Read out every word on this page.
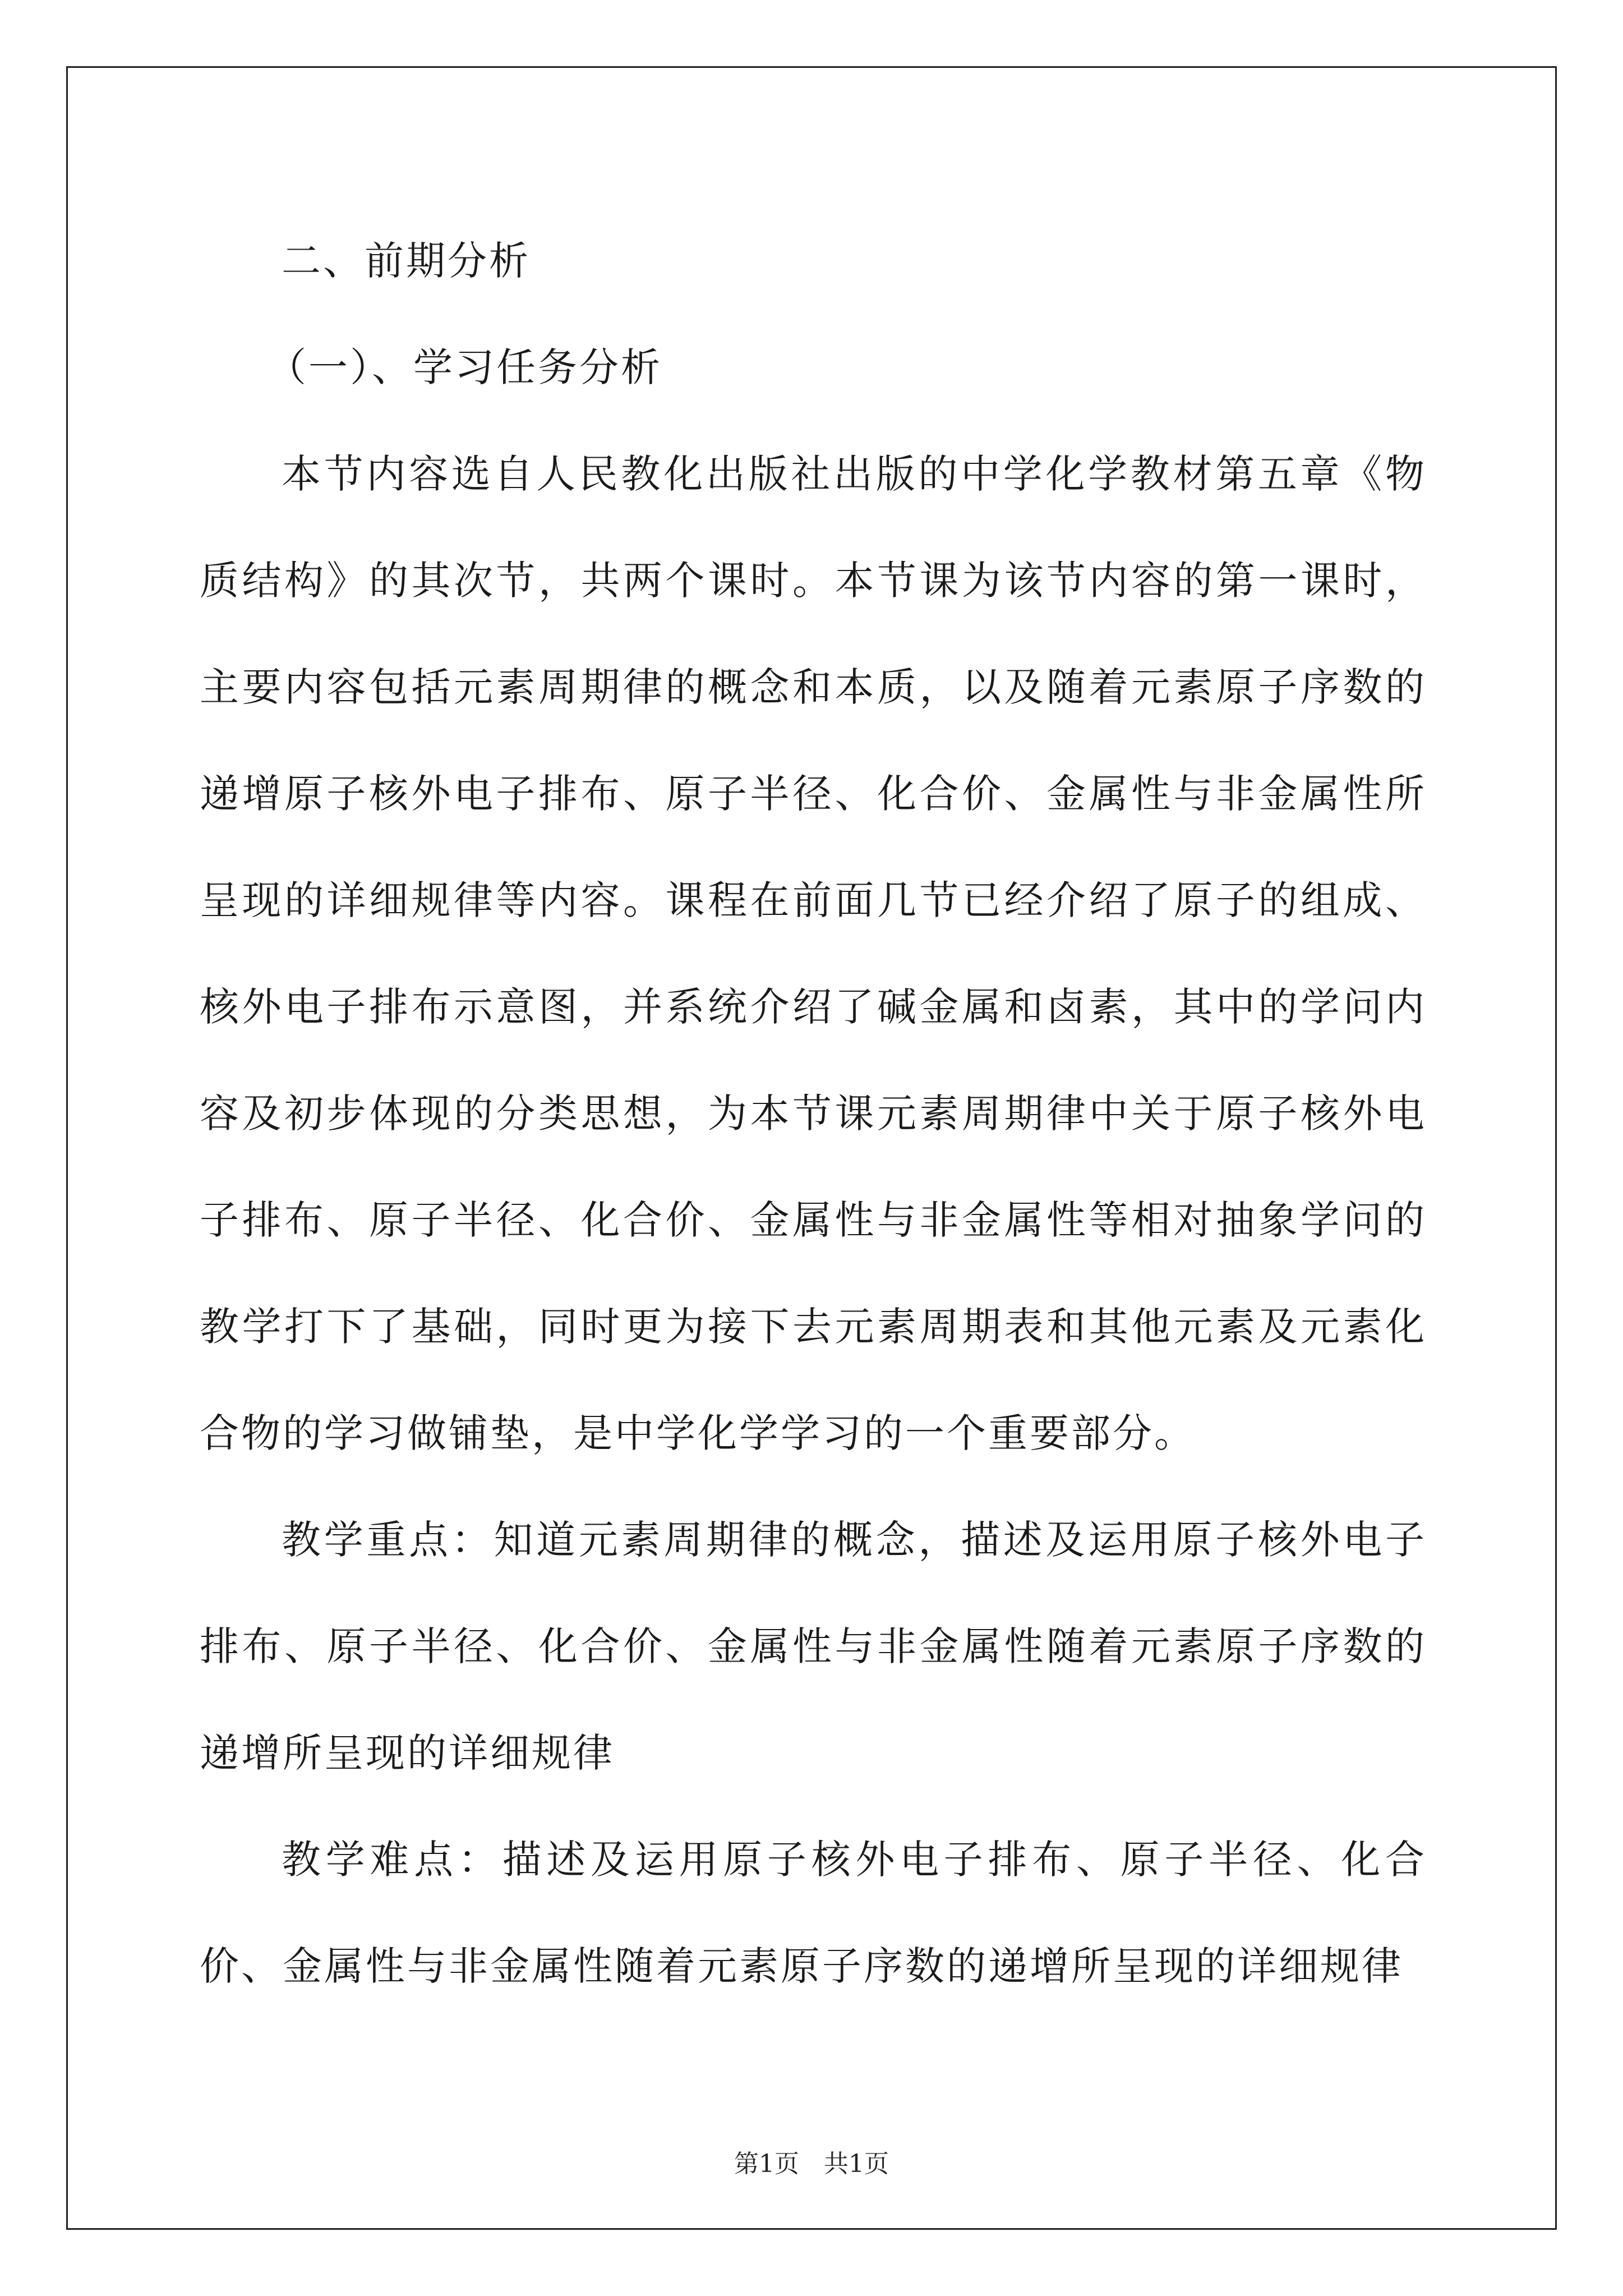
二、前期分析
（一）、学习任务分析

本节内容选自人民教化出版社出版的中学化学教材第五章《物质结构》的其次节，共两个课时。本节课为该节内容的第一课时，主要内容包括元素周期律的概念和本质，以及随着元素原子序数的递增原子核外电子排布、原子半径、化合价、金属性与非金属性所呈现的详细规律等内容。课程在前面几节已经介绍了原子的组成、核外电子排布示意图，并系统介绍了碱金属和卤素，其中的学问内容及初步体现的分类思想，为本节课元素周期律中关于原子核外电子排布、原子半径、化合价、金属性与非金属性等相对抽象学问的教学打下了基础，同时更为接下去元素周期表和其他元素及元素化合物的学习做铺垫，是中学化学学习的一个重要部分。

教学重点：知道元素周期律的概念，描述及运用原子核外电子排布、原子半径、化合价、金属性与非金属性随着元素原子序数的递增所呈现的详细规律

教学难点：描述及运用原子核外电子排布、原子半径、化合价、金属性与非金属性随着元素原子序数的递增所呈现的详细规律

第1页　共1页
